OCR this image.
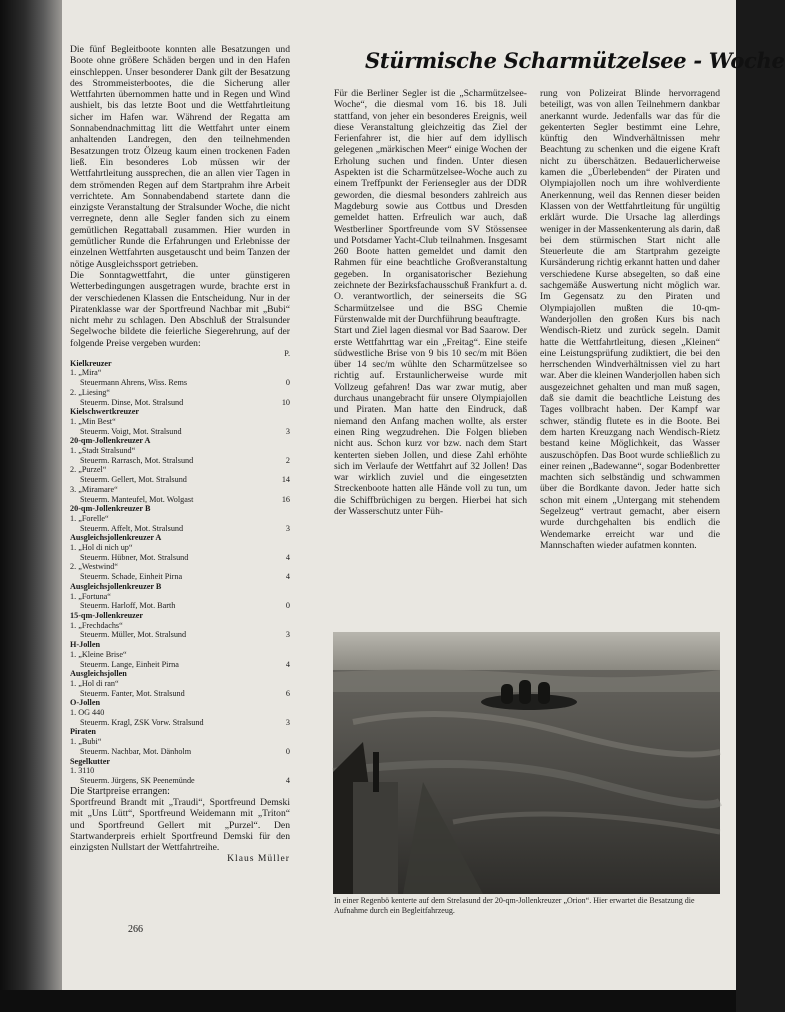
Stürmische Scharmützelsee - Woche

Die fünf Begleitboote konnten alle Besatzungen und Boote ohne größere Schäden bergen und in den Hafen einschleppen. Unser besonderer Dank gilt der Besatzung des Strommeisterbootes, die die Sicherung aller Wettfahrten übernommen hatte und in Regen und Wind aushielt, bis das letzte Boot und die Wettfahrtleitung sicher im Hafen war. Während der Regatta am Sonnabendnachmittag litt die Wettfahrt unter einem anhaltenden Landregen, den den teilnehmenden Besatzungen trotz Ölzeug kaum einen trockenen Faden ließ. Ein besonderes Lob müssen wir der Wettfahrtleitung aussprechen, die an allen vier Tagen in dem strömenden Regen auf dem Startprahm ihre Arbeit verrichtete. Am Sonnabendabend startete dann die einzigste Veranstaltung der Stralsunder Woche, die nicht verregnete, denn alle Segler fanden sich zu einem gemütlichen Regattaball zusammen. Hier wurden in gemütlicher Runde die Erfahrungen und Erlebnisse der einzelnen Wettfahrten ausgetauscht und beim Tanzen der nötige Ausgleichssport getrieben.

Die Sonntagwettfahrt, die unter günstigeren Wetterbedingungen ausgetragen wurde, brachte erst in der verschiedenen Klassen die Entscheidung. Nur in der Piratenklasse war der Sportfreund Nachbar mit „Bubi“ nicht mehr zu schlagen. Den Abschluß der Stralsunder Segelwoche bildete die feierliche Siegerehrung, auf der folgende Preise vergeben wurden:

P.
Kielkreuzer
1. „Mira“
Steuermann Ahrens, Wiss. Rems	0
2. „Liesing“
Steuerm. Dinse, Mot. Stralsund	10
Kielschwertkreuzer
1. „Min Best“
Steuerm. Voigt, Mot. Stralsund	3
20-qm-Jollenkreuzer A
1. „Stadt Stralsund“
Steuerm. Rarrasch, Mot. Stralsund	2
2. „Purzel“
Steuerm. Gellert, Mot. Stralsund	14
3. „Miramare“
Steuerm. Manteufel, Mot. Wolgast	16
20-qm-Jollenkreuzer B
1. „Forelle“
Steuerm. Affelt, Mot. Stralsund	3
Ausgleichsjollenkreuzer A
1. „Hol di nich up“
Steuerm. Hübner, Mot. Stralsund	4
2. „Westwind“
Steuerm. Schade, Einheit Pirna	4
Ausgleichsjollenkreuzer B
1. „Fortuna“
Steuerm. Harloff, Mot. Barth	0
15-qm-Jollenkreuzer
1. „Frechdachs“
Steuerm. Müller, Mot. Stralsund	3
H-Jollen
1. „Kleine Brise“
Steuerm. Lange, Einheit Pirna	4
Ausgleichsjollen
1. „Hol di ran“
Steuerm. Fanter, Mot. Stralsund	6
O-Jollen
1. OG 440
Steuerm. Kragl, ZSK Vorw. Stralsund	3
Piraten
1. „Bubi“
Steuerm. Nachbar, Mot. Dänholm	0
Segelkutter
1. 3110
Steuerm. Jürgens, SK Peenemünde	4

Die Startpreise errangen:

Sportfreund Brandt mit „Traudi“, Sportfreund Demski mit „Uns Lütt“, Sportfreund Weidemann mit „Triton“ und Sportfreund Gellert mit „Purzel“. Den Startwanderpreis erhielt Sportfreund Demski für den einzigsten Nullstart der Wettfahrtreihe.

Klaus Müller

Für die Berliner Segler ist die „Scharmützelsee-Woche“, die diesmal vom 16. bis 18. Juli stattfand, von jeher ein besonderes Ereignis, weil diese Veranstaltung gleichzeitig das Ziel der Ferienfahrer ist, die hier auf dem idyllisch gelegenen „märkischen Meer“ einige Wochen der Erholung suchen und finden. Unter diesen Aspekten ist die Scharmützelsee-Woche auch zu einem Treffpunkt der Feriensegler aus der DDR geworden, die diesmal besonders zahlreich aus Magdeburg sowie aus Cottbus und Dresden gemeldet hatten. Erfreulich war auch, daß Westberliner Sportfreunde vom SV Stössensee und Potsdamer Yacht-Club teilnahmen. Insgesamt 260 Boote hatten gemeldet und damit den Rahmen für eine beachtliche Großveranstaltung gegeben. In organisatorischer Beziehung zeichnete der Bezirksfachausschuß Frankfurt a. d. O. verantwortlich, der seinerseits die SG Scharmützelsee und die BSG Chemie Fürstenwalde mit der Durchführung beauftragte.

Start und Ziel lagen diesmal vor Bad Saarow. Der erste Wettfahrttag war ein „Freitag“. Eine steife südwestliche Brise von 9 bis 10 sec/m mit Böen über 14 sec/m wühlte den Scharmützelsee so richtig auf. Erstaunlicherweise wurde mit Vollzeug gefahren! Das war zwar mutig, aber durchaus unangebracht für unsere Olympiajollen und Piraten. Man hatte den Eindruck, daß niemand den Anfang machen wollte, als erster einen Ring wegzudrehen. Die Folgen blieben nicht aus. Schon kurz vor bzw. nach dem Start kenterten sieben Jollen, und diese Zahl erhöhte sich im Verlaufe der Wettfahrt auf 32 Jollen! Das war wirklich zuviel und die eingesetzten Streckenboote hatten alle Hände voll zu tun, um die Schiffbrüchigen zu bergen. Hierbei hat sich der Wasserschutz unter Füh-

rung von Polizeirat Blinde hervorragend beteiligt, was von allen Teilnehmern dankbar anerkannt wurde. Jedenfalls war das für die gekenterten Segler bestimmt eine Lehre, künftig den Windverhältnissen mehr Beachtung zu schenken und die eigene Kraft nicht zu überschätzen. Bedauerlicherweise kamen die „Überlebenden“ der Piraten und Olympiajollen noch um ihre wohlverdiente Anerkennung, weil das Rennen dieser beiden Klassen von der Wettfahrtleitung für ungültig erklärt wurde. Die Ursache lag allerdings weniger in der Massenkenterung als darin, daß bei dem stürmischen Start nicht alle Steuerleute die am Startprahm gezeigte Kursänderung richtig erkannt hatten und daher verschiedene Kurse absegelten, so daß eine sachgemäße Auswertung nicht möglich war. Im Gegensatz zu den Piraten und Olympiajollen mußten die 10-qm-Wanderjollen den großen Kurs bis nach Wendisch-Rietz und zurück segeln. Damit hatte die Wettfahrtleitung, diesen „Kleinen“ eine Leistungsprüfung zudiktiert, die bei den herrschenden Windverhältnissen viel zu hart war. Aber die kleinen Wanderjollen haben sich ausgezeichnet gehalten und man muß sagen, daß sie damit die beachtliche Leistung des Tages vollbracht haben. Der Kampf war schwer, ständig flutete es in die Boote. Bei dem harten Kreuzgang nach Wendisch-Rietz bestand keine Möglichkeit, das Wasser auszuschöpfen. Das Boot wurde schließlich zu einer reinen „Badewanne“, sogar Bodenbretter machten sich selbständig und schwammen über die Bordkante davon. Jeder hatte sich schon mit einem „Untergang mit stehendem Segelzeug“ vertraut gemacht, aber eisern wurde durchgehalten bis endlich die Wendemarke erreicht war und die Mannschaften wieder aufatmen konnten.

In einer Regenbö kenterte auf dem Strelasund der 20-qm-Jollenkreuzer „Orion“. Hier erwartet die Besatzung die Aufnahme durch ein Begleitfahrzeug.
266
